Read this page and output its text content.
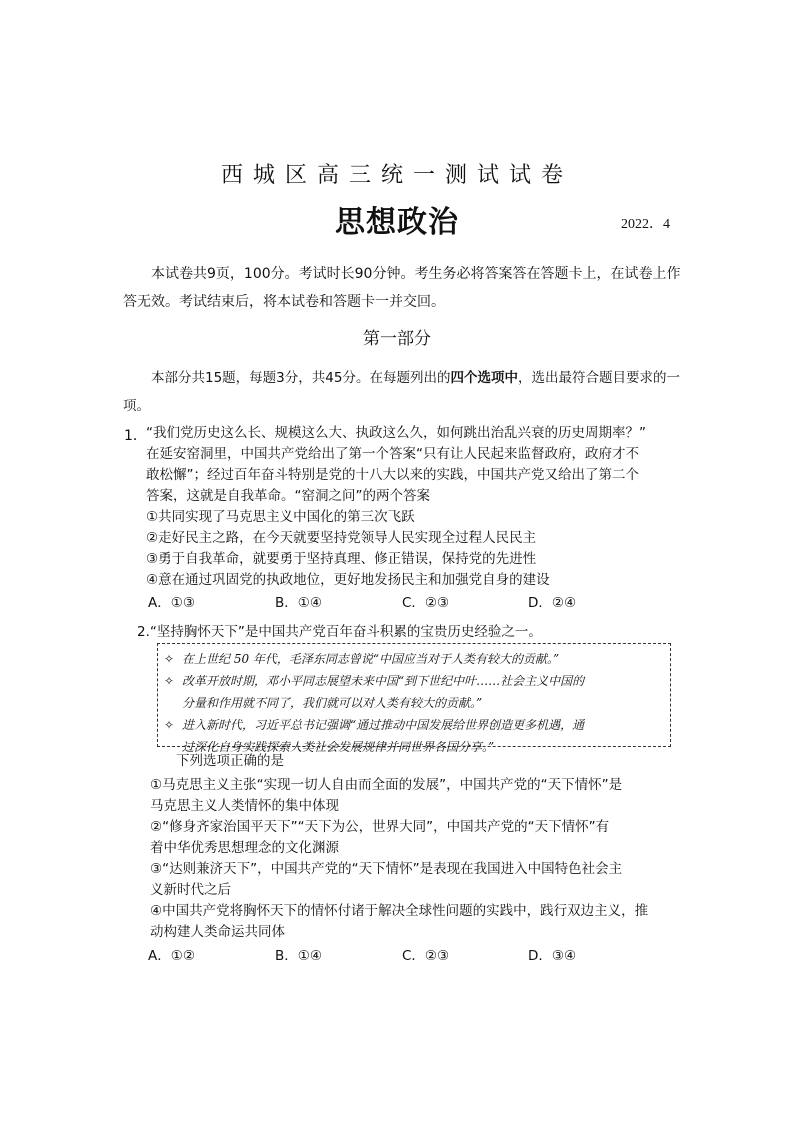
西城区高三统一测试试卷
思想政治	2022．4
本试卷共9页，100分。考试时长90分钟。考生务必将答案答在答题卡上，在试卷上作答无效。考试结束后，将本试卷和答题卡一并交回。
第一部分
本部分共15题，每题3分，共45分。在每题列出的四个选项中，选出最符合题目要求的一项。
1． “我们党历史这么长、规模这么大、执政这么久，如何跳出治乱兴衰的历史周期率？”
在延安窑洞里，中国共产党给出了第一个答案“只有让人民起来监督政府，政府才不
敢松懈”；经过百年奋斗特别是党的十八大以来的实践，中国共产党又给出了第二个
答案，这就是自我革命。“窑洞之问”的两个答案
①共同实现了马克思主义中国化的第三次飞跃
②走好民主之路，在今天就要坚持党领导人民实现全过程人民民主
③勇于自我革命，就要勇于坚持真理、修正错误，保持党的先进性
④意在通过巩固党的执政地位，更好地发扬民主和加强党自身的建设
A．①③	B．①④	C．②③	D．②④
2.“坚持胸怀天下”是中国共产党百年奋斗积累的宝贵历史经验之一。
✧ 在上世纪 50 年代，毛泽东同志曾说“中国应当对于人类有较大的贡献。”
✧ 改革开放时期，邓小平同志展望未来中国“到下世纪中叶……社会主义中国的
分量和作用就不同了，我们就可以对人类有较大的贡献。”
✧ 进入新时代，习近平总书记强调“通过推动中国发展给世界创造更多机遇，通
过深化自身实践探索人类社会发展规律并同世界各国分享。”
下列选项正确的是
①马克思主义主张“实现一切人自由而全面的发展”，中国共产党的“天下情怀”是
马克思主义人类情怀的集中体现
②“修身齐家治国平天下”“天下为公，世界大同”，中国共产党的“天下情怀”有
着中华优秀思想理念的文化渊源
③“达则兼济天下”，中国共产党的“天下情怀”是表现在我国进入中国特色社会主
义新时代之后
④中国共产党将胸怀天下的情怀付诸于解决全球性问题的实践中，践行双边主义，推
动构建人类命运共同体
A．①②	B．①④	C．②③	D．③④
